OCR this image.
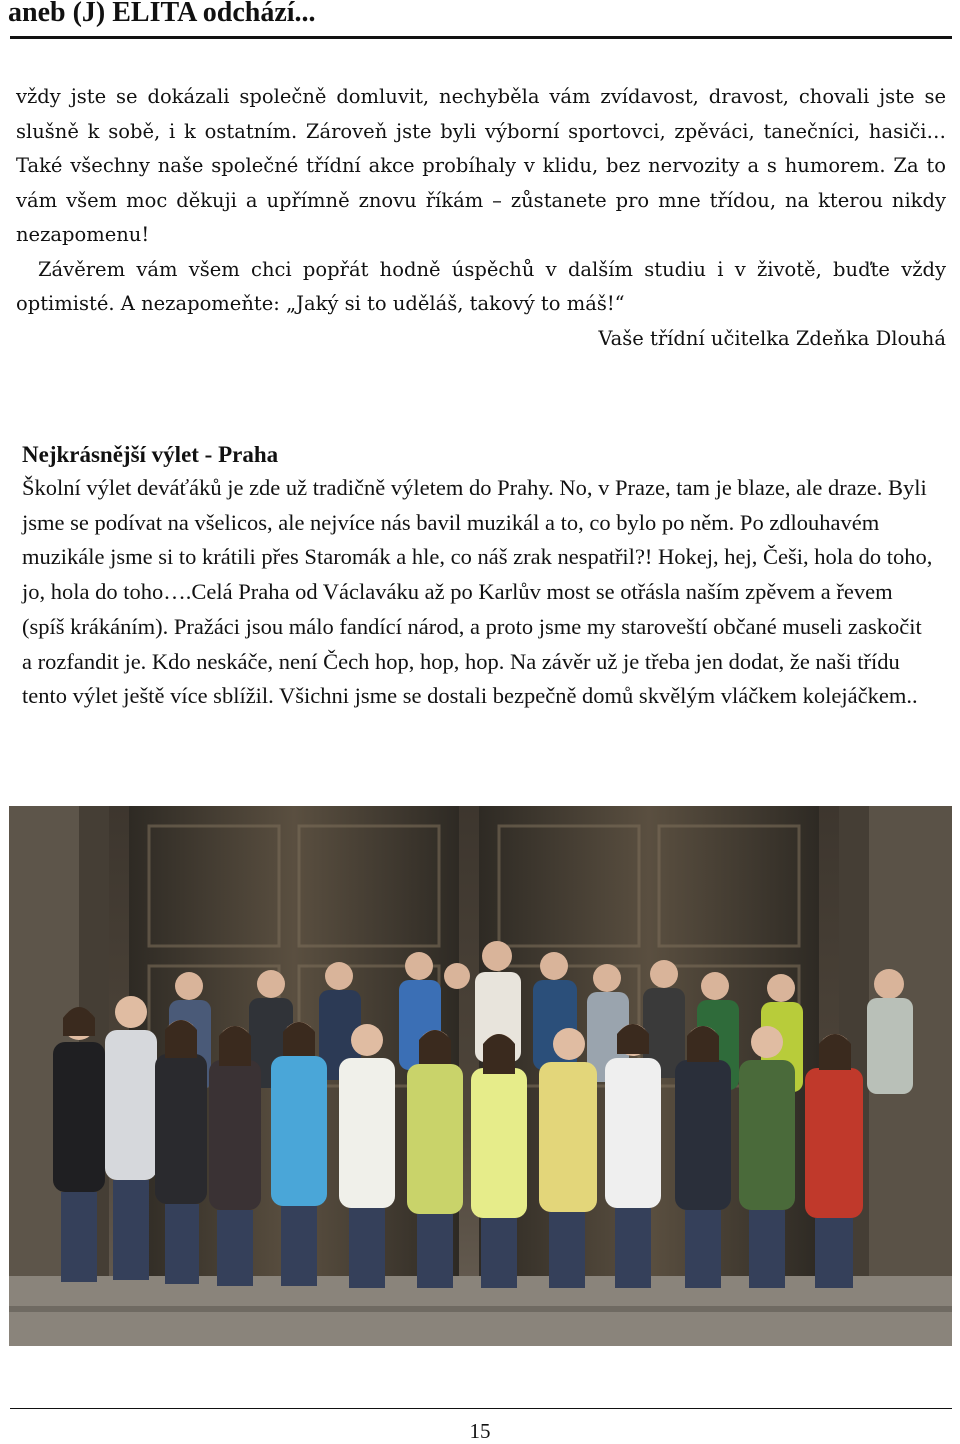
aneb (J) ELITA odchází...

vždy jste se dokázali společně domluvit, nechyběla vám zvídavost, dravost, chovali jste se slušně k sobě, i k ostatním. Zároveň jste byli výborní sportovci, zpěváci, tanečníci, hasiči… Také všechny naše společné třídní akce probíhaly v klidu, bez nervozity a s humorem. Za to vám všem moc děkuji a upřímně znovu říkám – zůstanete pro mne třídou, na kterou nikdy nezapomenu!

Závěrem vám všem chci popřát hodně úspěchů v dalším studiu i v životě, buďte vždy optimisté. A nezapomeňte: „Jaký si to uděláš, takový to máš!“

Vaše třídní učitelka Zdeňka Dlouhá

Nejkrásnější výlet - Praha

Školní výlet deváťáků je zde už tradičně výletem do Prahy. No, v Praze, tam je blaze, ale draze. Byli jsme se podívat na všelicos, ale nejvíce nás bavil muzikál a to, co bylo po něm. Po zdlouhavém muzikále jsme si to krátili přes Staromák a hle, co náš zrak nespatřil?! Hokej, hej, Češi, hola do toho, jo, hola do toho….Celá Praha od Václaváku až po Karlův most se otřásla naším zpěvem a řevem (spíš krákáním). Pražáci jsou málo fandící národ, a proto jsme my staroveští občané museli zaskočit a rozfandit je. Kdo neskáče, není Čech hop, hop, hop. Na závěr už je třeba jen dodat, že naši třídu tento výlet ještě více sblížil. Všichni jsme se dostali bezpečně domů skvělým vláčkem kolejáčkem..

15
